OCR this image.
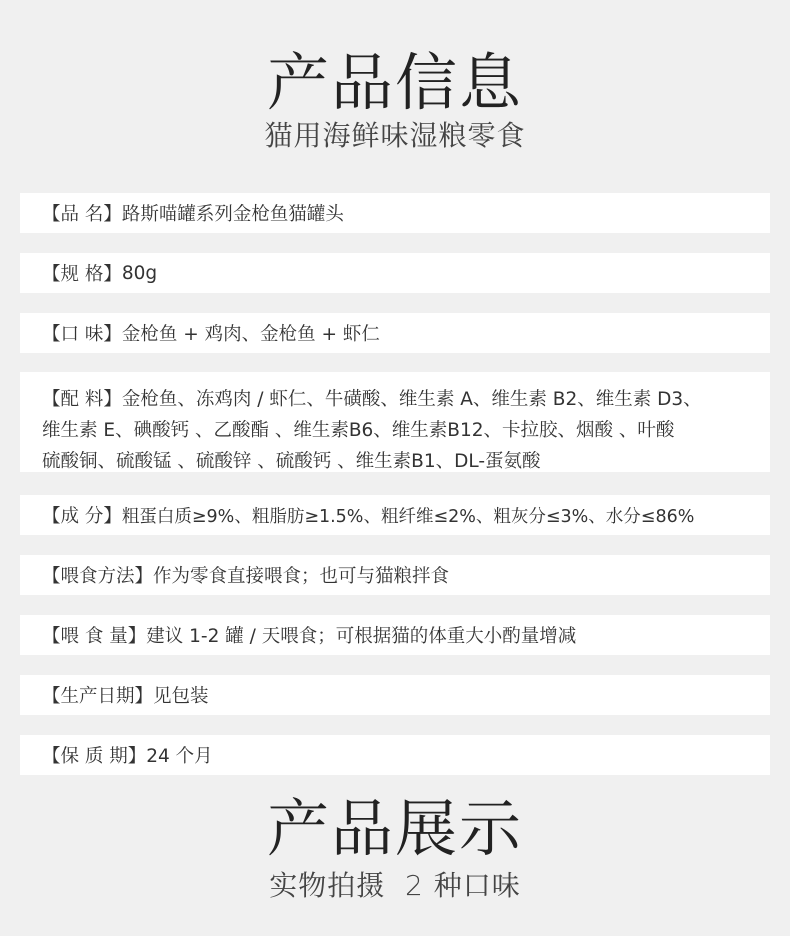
产品信息
猫用海鲜味湿粮零食
【品 名】 路斯喵罐系列金枪鱼猫罐头
【规 格】 80g
【口 味】 金枪鱼 + 鸡肉、金枪鱼 + 虾仁
【配 料】金枪鱼、冻鸡肉 / 虾仁、牛磺酸、维生素 A、维生素 B2、维生素 D3、
维生素 E、碘酸钙 、乙酸酯 、维生素B6、维生素B12、卡拉胶、烟酸 、叶酸
硫酸铜、硫酸锰 、硫酸锌 、硫酸钙 、维生素B1、DL-蛋氨酸
【成 分】 粗蛋白质≥9%、粗脂肪≥1.5%、粗纤维≤2%、粗灰分≤3%、水分≤86%
【喂食方法】 作为零食直接喂食；也可与猫粮拌食
【喂 食 量】 建议 1-2 罐 / 天喂食；可根据猫的体重大小酌量增减
【生产日期】 见包装
【保 质 期】 24 个月
产品展示
实物拍摄  2 种口味
